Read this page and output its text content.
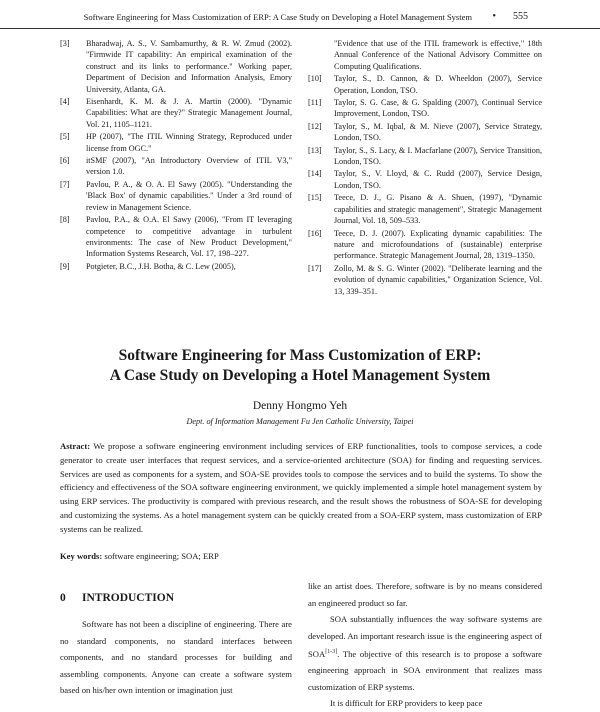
Software Engineering for Mass Customization of ERP: A Case Study on Developing a Hotel Management System • 555
[3] Bharadwaj, A. S., V. Sambamurthy, & R. W. Zmud (2002). "Firmwide IT capability: An empirical examination of the construct and its links to performance." Working paper, Department of Decision and Information Analysis, Emory University, Atlanta, GA.
[4] Eisenhardt, K. M. & J. A. Martin (2000). "Dynamic Capabilities: What are they?" Strategic Management Journal, Vol. 21, 1105–1121.
[5] HP (2007), "The ITIL Winning Strategy, Reproduced under license from OGC."
[6] itSMF (2007), "An Introductory Overview of ITIL V3," version 1.0.
[7] Pavlou, P. A., & O. A. El Sawy (2005). "Understanding the 'Black Box' of dynamic capabilities." Under a 3rd round of review in Management Science.
[8] Pavlou, P.A., & O.A. El Sawy (2006), "From IT leveraging competence to competitive advantage in turbulent environments: The case of New Product Development," Information Systems Research, Vol. 17, 198–227.
[9] Potgieter, B.C., J.H. Botha, & C. Lew (2005),
"Evidence that use of the ITIL framework is effective," 18th Annual Conference of the National Advisory Committee on Computing Qualifications.
[10] Taylor, S., D. Cannon, & D. Wheeldon (2007), Service Operation, London, TSO.
[11] Taylor, S. G. Case, & G. Spalding (2007), Continual Service Improvement, London, TSO.
[12] Taylor, S., M. Iqbal, & M. Nieve (2007), Service Strategy, London, TSO.
[13] Taylor, S., S. Lacy, & I. Macfarlane (2007), Service Transition, London, TSO.
[14] Taylor, S., V. Lloyd, & C. Rudd (2007), Service Design, London, TSO.
[15] Teece, D. J., G. Pisano & A. Shuen, (1997), "Dynamic capabilities and strategic management", Strategic Management Journal, Vol. 18, 509–533.
[16] Teece, D. J. (2007). Explicating dynamic capabilities: The nature and microfoundations of (sustainable) enterprise performance. Strategic Management Journal, 28, 1319–1350.
[17] Zollo, M. & S. G. Winter (2002). "Deliberate learning and the evolution of dynamic capabilities," Organization Science, Vol. 13, 339–351.
Software Engineering for Mass Customization of ERP:
A Case Study on Developing a Hotel Management System
Denny Hongmo Yeh
Dept. of Information Management Fu Jen Catholic University, Taipei
Astract: We propose a software engineering environment including services of ERP functionalities, tools to compose services, a code generator to create user interfaces that request services, and a service-oriented architecture (SOA) for finding and requesting services. Services are used as components for a system, and SOA-SE provides tools to compose the services and to build the systems. To show the efficiency and effectiveness of the SOA software engineering environment, we quickly implemented a simple hotel management system by using ERP services. The productivity is compared with previous research, and the result shows the robustness of SOA-SE for developing and customizing the systems. As a hotel management system can be quickly created from a SOA-ERP system, mass customization of ERP systems can be realized.
Key words: software engineering; SOA; ERP
0 INTRODUCTION
Software has not been a discipline of engineering. There are no standard components, no standard interfaces between components, and no standard processes for building and assembling components. Anyone can create a software system based on his/her own intention or imagination just

like an artist does. Therefore, software is by no means considered an engineered product so far.

SOA substantially influences the way software systems are developed. An important research issue is the engineering aspect of SOA[1-3]. The objective of this research is to propose a software engineering approach in SOA environment that realizes mass customization of ERP systems.

It is difficult for ERP providers to keep pace
